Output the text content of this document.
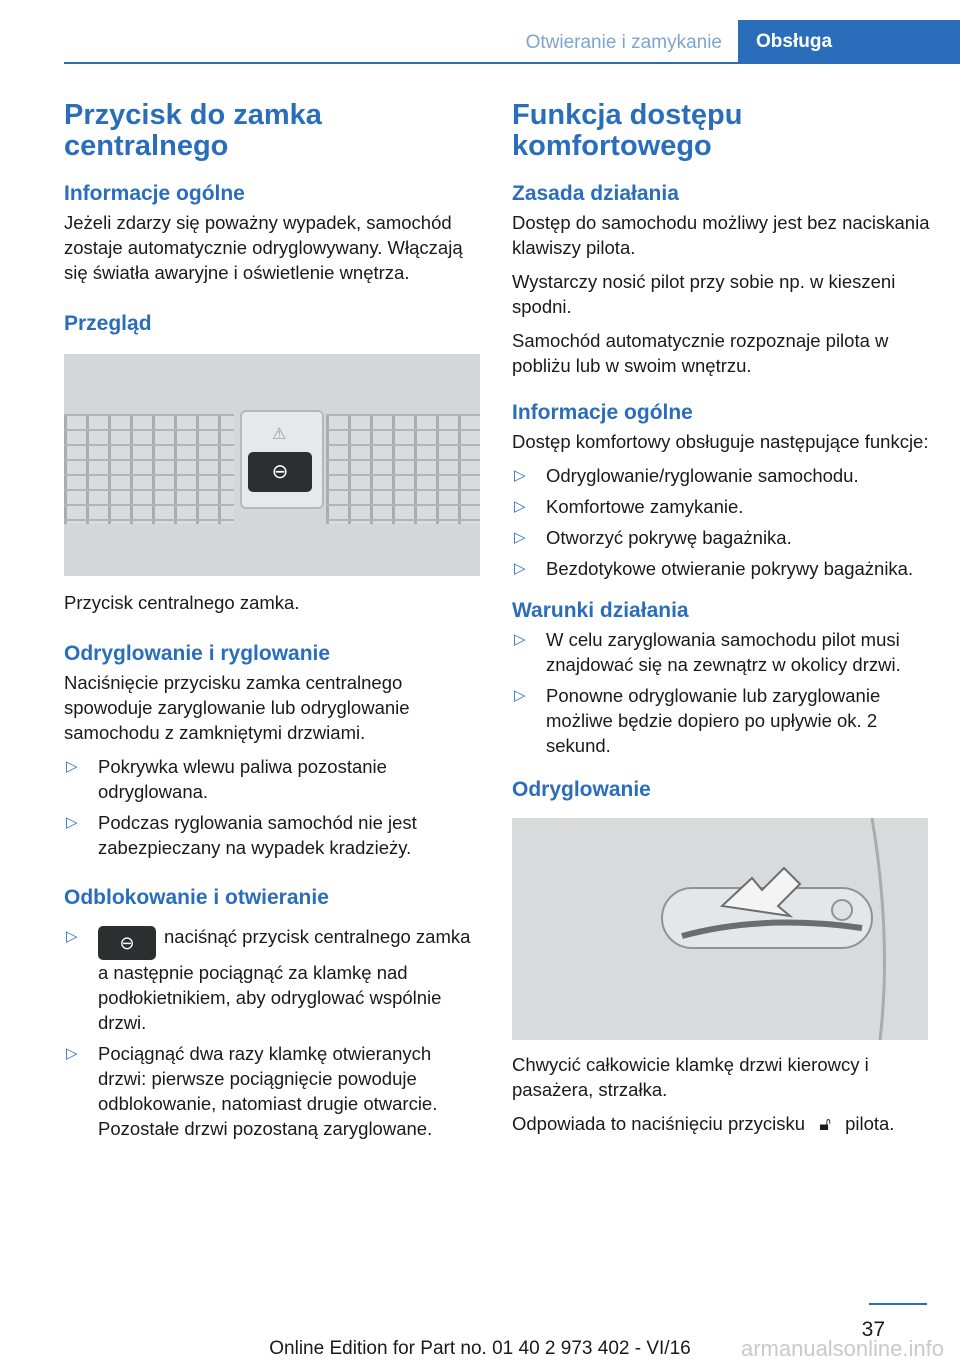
Otwieranie i zamykanie	Obsługa
Przycisk do zamka centralnego
Informacje ogólne

Jeżeli zdarzy się poważny wypadek, samochód zostaje automatycznie odryglowywany. Włączają się światła awaryjne i oświetlenie wnętrza.

Przegląd
⚠
⊖

Przycisk centralnego zamka.

Odryglowanie i ryglowanie

Naciśnięcie przycisku zamka centralnego spowoduje zaryglowanie lub odryglowanie samochodu z zamkniętymi drzwiami.

▷ Pokrywka wlewu paliwa pozostanie odryglowana.
▷ Podczas ryglowania samochód nie jest zabezpieczany na wypadek kradzieży.
Odblokowanie i otwieranie
▷ ⊖ naciśnąć przycisk centralnego zamka a następnie pociągnąć za klamkę nad podłokietnikiem, aby odryglować wspólnie drzwi.
▷ Pociągnąć dwa razy klamkę otwieranych drzwi: pierwsze pociągnięcie powoduje odblokowanie, natomiast drugie otwarcie. Pozostałe drzwi pozostaną zaryglowane.
Funkcja dostępu komfortowego
Zasada działania

Dostęp do samochodu możliwy jest bez naciskania klawiszy pilota.

Wystarczy nosić pilot przy sobie np. w kieszeni spodni.

Samochód automatycznie rozpoznaje pilota w pobliżu lub w swoim wnętrzu.

Informacje ogólne

Dostęp komfortowy obsługuje następujące funkcje:

▷ Odryglowanie/ryglowanie samochodu.
▷ Komfortowe zamykanie.
▷ Otworzyć pokrywę bagażnika.
▷ Bezdotykowe otwieranie pokrywy bagażnika.
Warunki działania
▷ W celu zaryglowania samochodu pilot musi znajdować się na zewnątrz w okolicy drzwi.
▷ Ponowne odryglowanie lub zaryglowanie możliwe będzie dopiero po upływie ok. 2 sekund.
Odryglowanie

Chwycić całkowicie klamkę drzwi kierowcy i pasażera, strzałka.

Odpowiada to naciśnięciu przycisku 🔓︎ pilota.

37
Online Edition for Part no. 01 40 2 973 402 - VI/16	armanualsonline.info
